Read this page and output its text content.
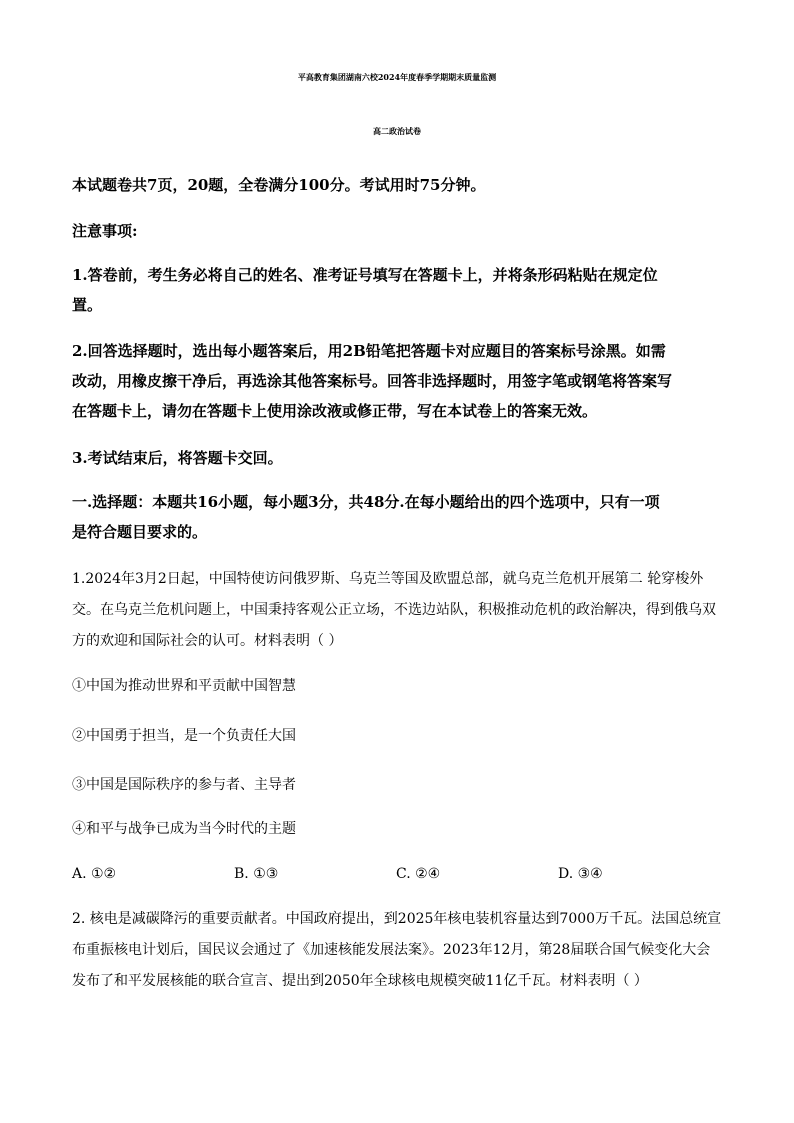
平高教育集团湖南六校2024年度春季学期期末质量监测
高二政治试卷
本试题卷共7页，20题，全卷满分100分。考试用时75分钟。
注意事项:
1.答卷前，考生务必将自己的姓名、准考证号填写在答题卡上，并将条形码粘贴在规定位
置。
2.回答选择题时，选出每小题答案后，用2B铅笔把答题卡对应题目的答案标号涂黑。如需
改动，用橡皮擦干净后，再选涂其他答案标号。回答非选择题时，用签字笔或钢笔将答案写
在答题卡上，请勿在答题卡上使用涂改液或修正带，写在本试卷上的答案无效。
3.考试结束后，将答题卡交回。
一.选择题：本题共16小题，每小题3分，共48分.在每小题给出的四个选项中，只有一项
是符合题目要求的。
1.2024年3月2日起，中国特使访问俄罗斯、乌克兰等国及欧盟总部，就乌克兰危机开展第二 轮穿梭外
交。在乌克兰危机问题上，中国秉持客观公正立场，不选边站队，积极推动危机的政治解决，得到俄乌双
方的欢迎和国际社会的认可。材料表明（ ）
①中国为推动世界和平贡献中国智慧
②中国勇于担当，是一个负责任大国
③中国是国际秩序的参与者、主导者
④和平与战争已成为当今时代的主题
A. ①②	B. ①③	C. ②④	D. ③④
2. 核电是减碳降污的重要贡献者。中国政府提出，到2025年核电装机容量达到7000万千瓦。法国总统宣
布重振核电计划后，国民议会通过了《加速核能发展法案》。2023年12月，第28届联合国气候变化大会
发布了和平发展核能的联合宣言、提出到2050年全球核电规模突破11亿千瓦。材料表明（ ）
